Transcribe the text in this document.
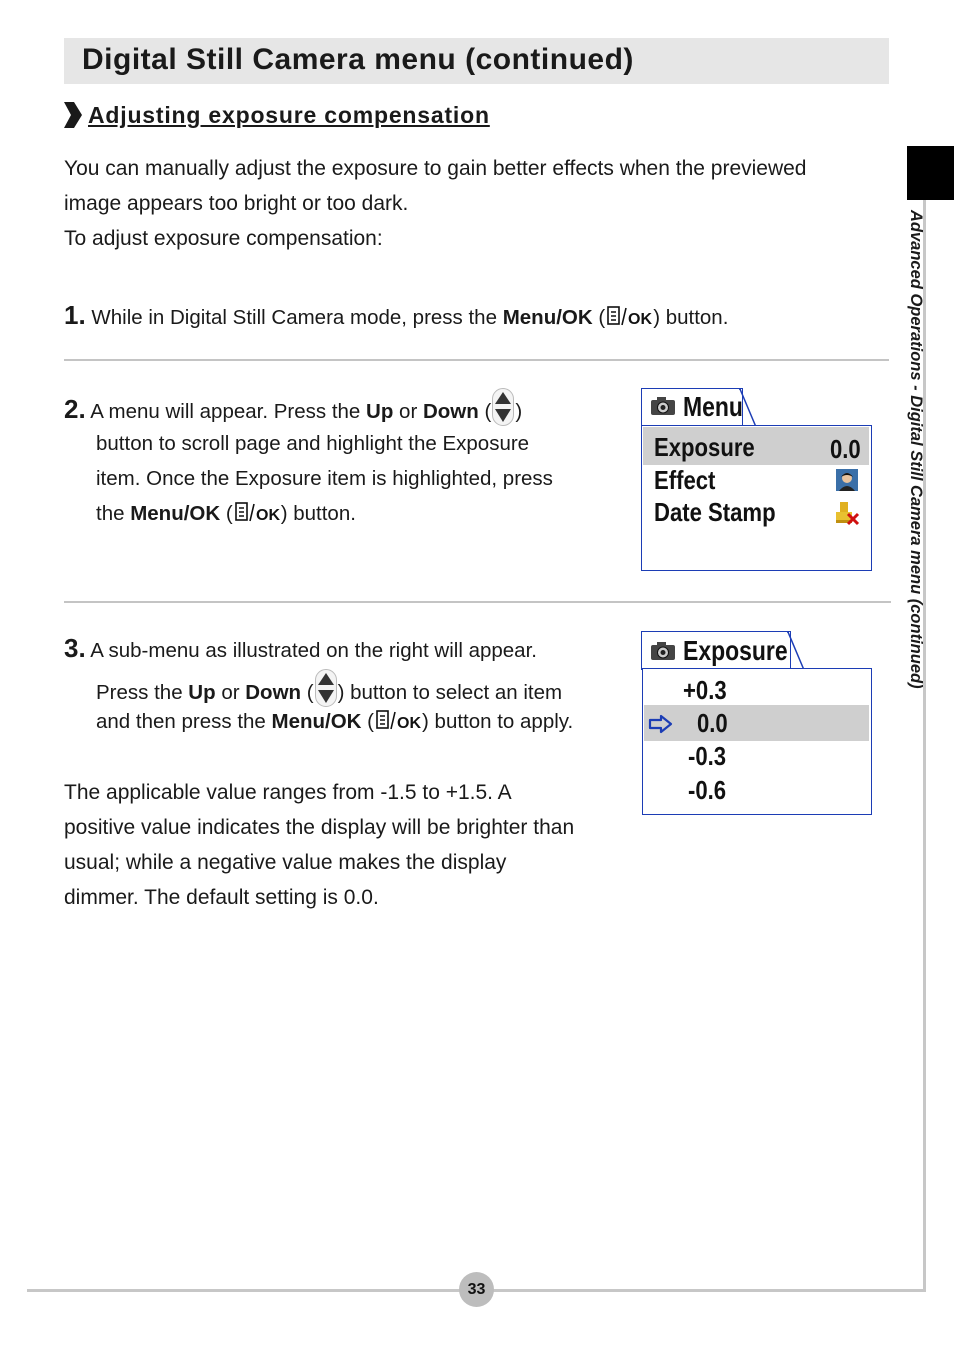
Digital Still Camera menu (continued)
Adjusting exposure compensation
You can manually adjust the exposure to gain better effects when the previewed
image appears too bright or too dark.
To adjust exposure compensation:
1. While in Digital Still Camera mode, press the Menu/OK ( OK ) button.
2. A menu will appear. Press the Up or Down ( )
button to scroll page and highlight the Exposure
item. Once the Exposure item is highlighted, press
the Menu/OK ( OK ) button.
Menu
Exposure	0.0
Effect
Date Stamp
3. A sub-menu as illustrated on the right will appear.
Press the Up or Down ( ) button to select an item
and then press the Menu/OK ( OK ) button to apply.
Exposure
+0.3
0.0
-0.3
-0.6
The applicable value ranges from -1.5 to +1.5. A
positive value indicates the display will be brighter than
usual; while a negative value makes the display
dimmer. The default setting is 0.0.
Advanced Operations - Digital Still Camera menu (continued)
33
